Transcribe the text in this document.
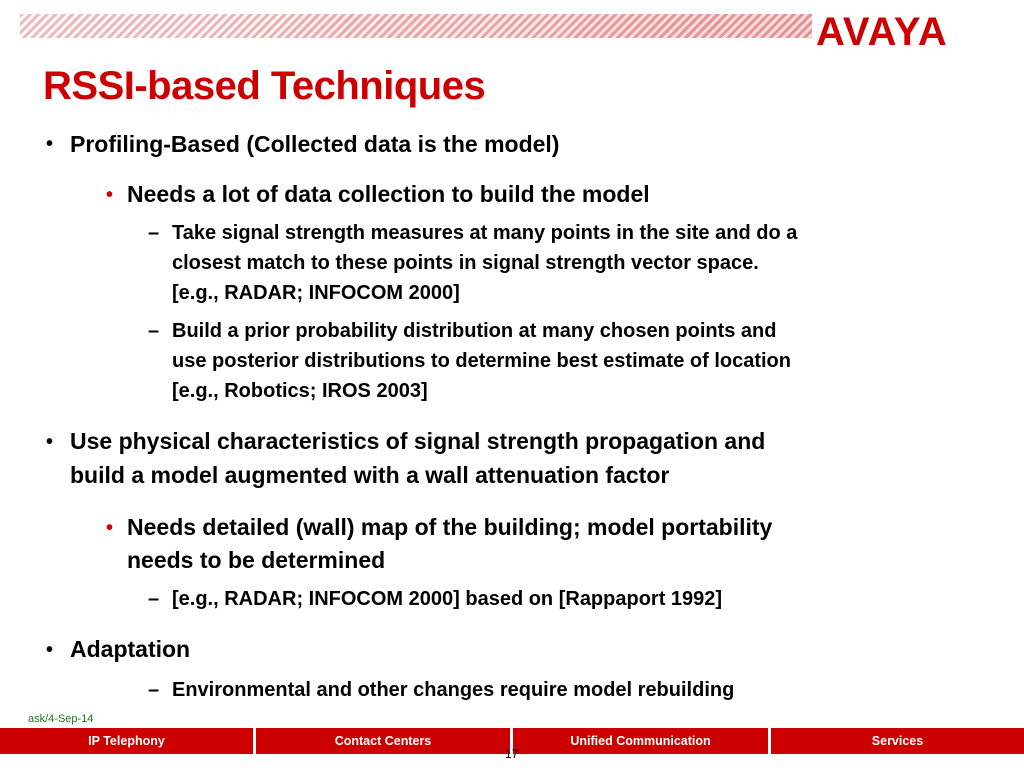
AVAYA
RSSI-based Techniques
• Profiling-Based (Collected data is the model)
• Needs a lot of data collection to build the model
– Take signal strength measures at many points in the site and do a
closest match to these points in signal strength vector space.
[e.g., RADAR; INFOCOM 2000]
– Build a prior probability distribution at many chosen points and
use posterior distributions to determine best estimate of location
[e.g., Robotics; IROS 2003]
• Use physical characteristics of signal strength propagation and
build a model augmented with a wall attenuation factor
• Needs detailed (wall) map of the building; model portability
needs to be determined
– [e.g., RADAR; INFOCOM 2000] based on [Rappaport 1992]
• Adaptation
– Environmental and other changes require model rebuilding
ask/4-Sep-14
IP Telephony	Contact Centers	Unified Communication	Services
17
